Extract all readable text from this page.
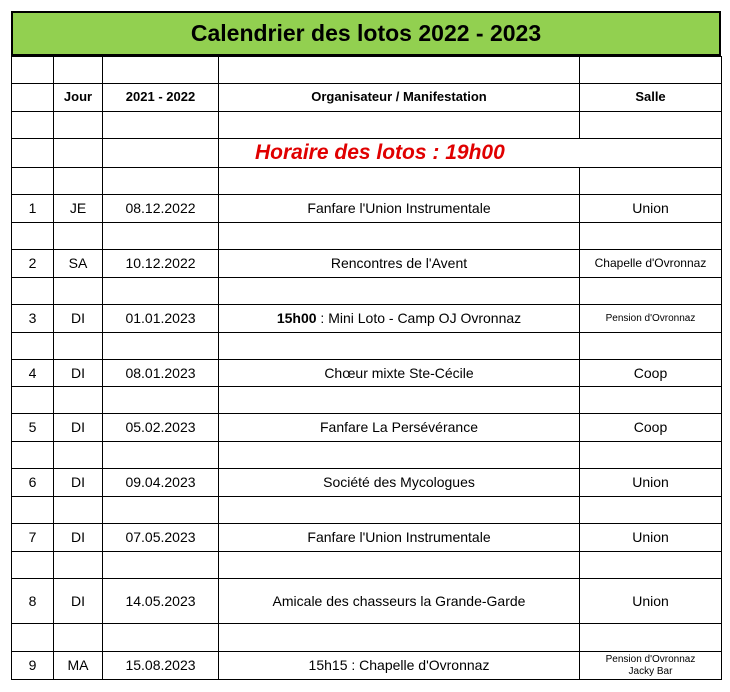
Calendrier des lotos 2022 - 2023

	Jour	2021 - 2022	Organisateur / Manifestation	Salle

			Horaire des lotos : 19h00	

1	JE	08.12.2022	Fanfare l'Union Instrumentale	Union

2	SA	10.12.2022	Rencontres de l'Avent	Chapelle d'Ovronnaz

3	DI	01.01.2023	15h00 : Mini Loto - Camp OJ Ovronnaz	Pension d'Ovronnaz

4	DI	08.01.2023	Chœur mixte Ste-Cécile	Coop

5	DI	05.02.2023	Fanfare La Persévérance	Coop

6	DI	09.04.2023	Société des Mycologues	Union

7	DI	07.05.2023	Fanfare l'Union Instrumentale	Union

8	DI	14.05.2023	Amicale des chasseurs la Grande-Garde	Union

9	MA	15.08.2023	15h15 : Chapelle d'Ovronnaz	Pension d'Ovronnaz
Jacky Bar
